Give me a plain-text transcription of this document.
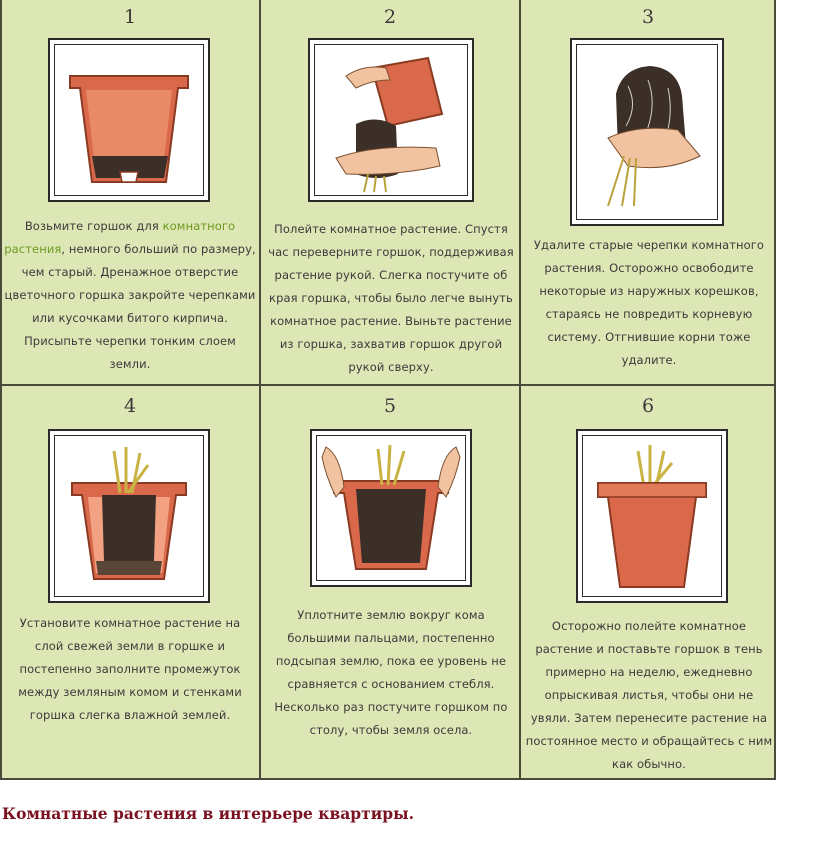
1
Возьмите горшок для комнатного растения, немного больший по размеру, чем старый. Дренажное отверстие цветочного горшка закройте черепками или кусочками битого кирпича. Присыпьте черепки тонким слоем земли.
2
Полейте комнатное растение. Спустя час переверните горшок, поддерживая растение рукой. Слегка постучите об края горшка, чтобы было легче вынуть комнатное растение. Выньте растение из горшка, захватив горшок другой рукой сверху.
3
Удалите старые черепки комнатного растения. Осторожно освободите некоторые из наружных корешков, стараясь не повредить корневую систему. Отгнившие корни тоже удалите.
4
Установите комнатное растение на слой свежей земли в горшке и постепенно заполните промежуток между земляным комом и стенками горшка слегка влажной землей.
5
Уплотните землю вокруг кома большими пальцами, постепенно подсыпая землю, пока ее уровень не сравняется с основанием стебля. Несколько раз постучите горшком по столу, чтобы земля осела.
6
Осторожно полейте комнатное растение и поставьте горшок в тень примерно на неделю, ежедневно опрыскивая листья, чтобы они не увяли. Затем перенесите растение на постоянное место и обращайтесь с ним как обычно.
Комнатные растения в интерьере квартиры.
